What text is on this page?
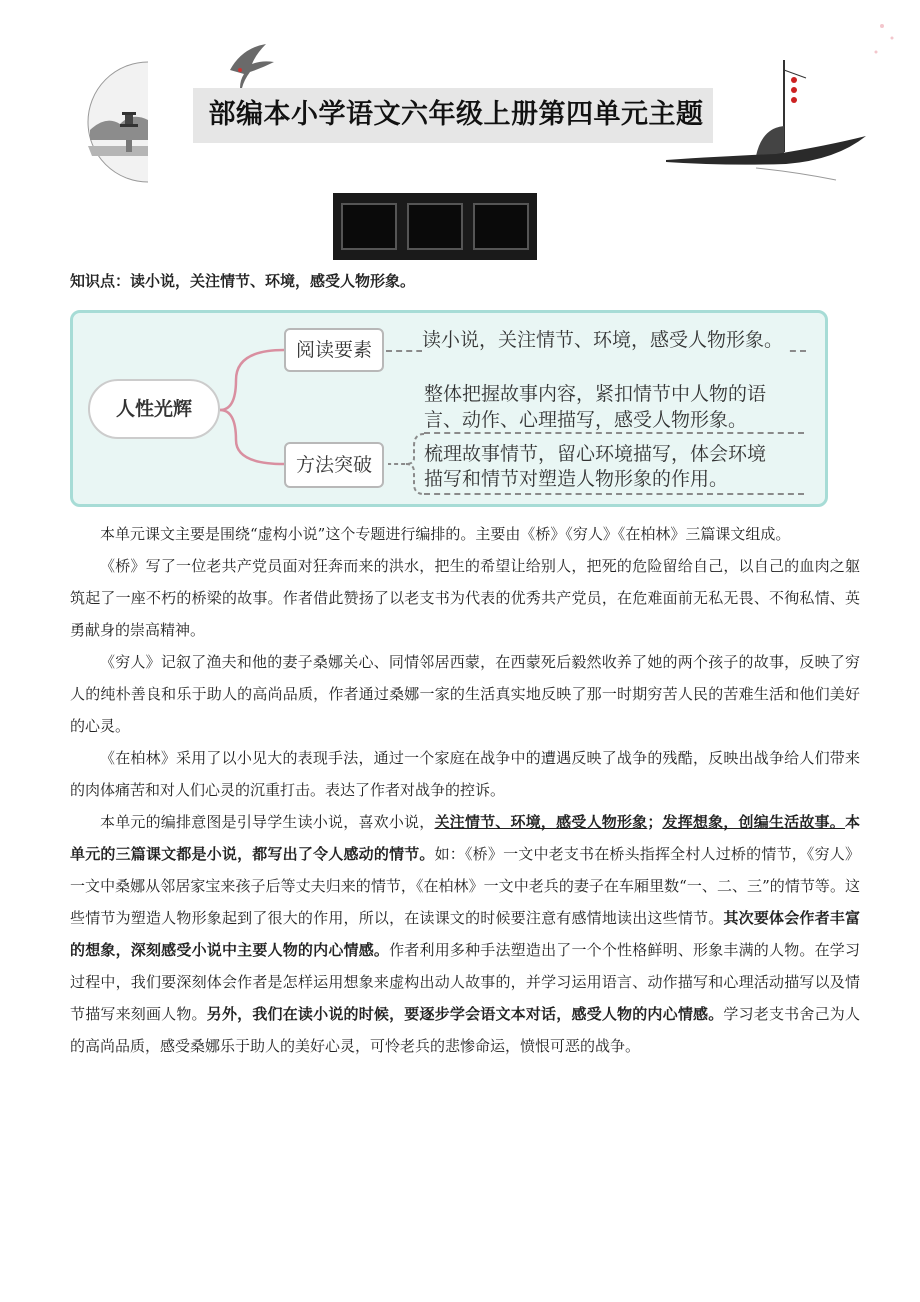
部编本小学语文六年级上册第四单元主题
知识点：读小说，关注情节、环境，感受人物形象。
人性光辉
阅读要素	读小说，关注情节、环境，感受人物形象。
方法突破
整体把握故事内容，紧扣情节中人物的语
言、动作、心理描写，感受人物形象。
梳理故事情节，留心环境描写，体会环境
描写和情节对塑造人物形象的作用。

本单元课文主要是围绕“虚构小说”这个专题进行编排的。主要由《桥》《穷人》《在柏林》三篇课文组成。

《桥》写了一位老共产党员面对狂奔而来的洪水，把生的希望让给别人，把死的危险留给自己，以自己的血肉之躯筑起了一座不朽的桥梁的故事。作者借此赞扬了以老支书为代表的优秀共产党员，在危难面前无私无畏、不徇私情、英勇献身的崇高精神。

《穷人》记叙了渔夫和他的妻子桑娜关心、同情邻居西蒙，在西蒙死后毅然收养了她的两个孩子的故事，反映了穷人的纯朴善良和乐于助人的高尚品质，作者通过桑娜一家的生活真实地反映了那一时期穷苦人民的苦难生活和他们美好的心灵。

《在柏林》采用了以小见大的表现手法，通过一个家庭在战争中的遭遇反映了战争的残酷，反映出战争给人们带来的肉体痛苦和对人们心灵的沉重打击。表达了作者对战争的控诉。

本单元的编排意图是引导学生读小说，喜欢小说，关注情节、环境，感受人物形象；发挥想象，创编生活故事。本单元的三篇课文都是小说，都写出了令人感动的情节。如：《桥》一文中老支书在桥头指挥全村人过桥的情节，《穷人》一文中桑娜从邻居家宝来孩子后等丈夫归来的情节，《在柏林》一文中老兵的妻子在车厢里数“一、二、三”的情节等。这些情节为塑造人物形象起到了很大的作用，所以，在读课文的时候要注意有感情地读出这些情节。其次要体会作者丰富的想象，深刻感受小说中主要人物的内心情感。作者利用多种手法塑造出了一个个性格鲜明、形象丰满的人物。在学习过程中，我们要深刻体会作者是怎样运用想象来虚构出动人故事的，并学习运用语言、动作描写和心理活动描写以及情节描写来刻画人物。另外，我们在读小说的时候，要逐步学会语文本对话，感受人物的内心情感。学习老支书舍己为人的高尚品质，感受桑娜乐于助人的美好心灵，可怜老兵的悲惨命运，愤恨可恶的战争。
